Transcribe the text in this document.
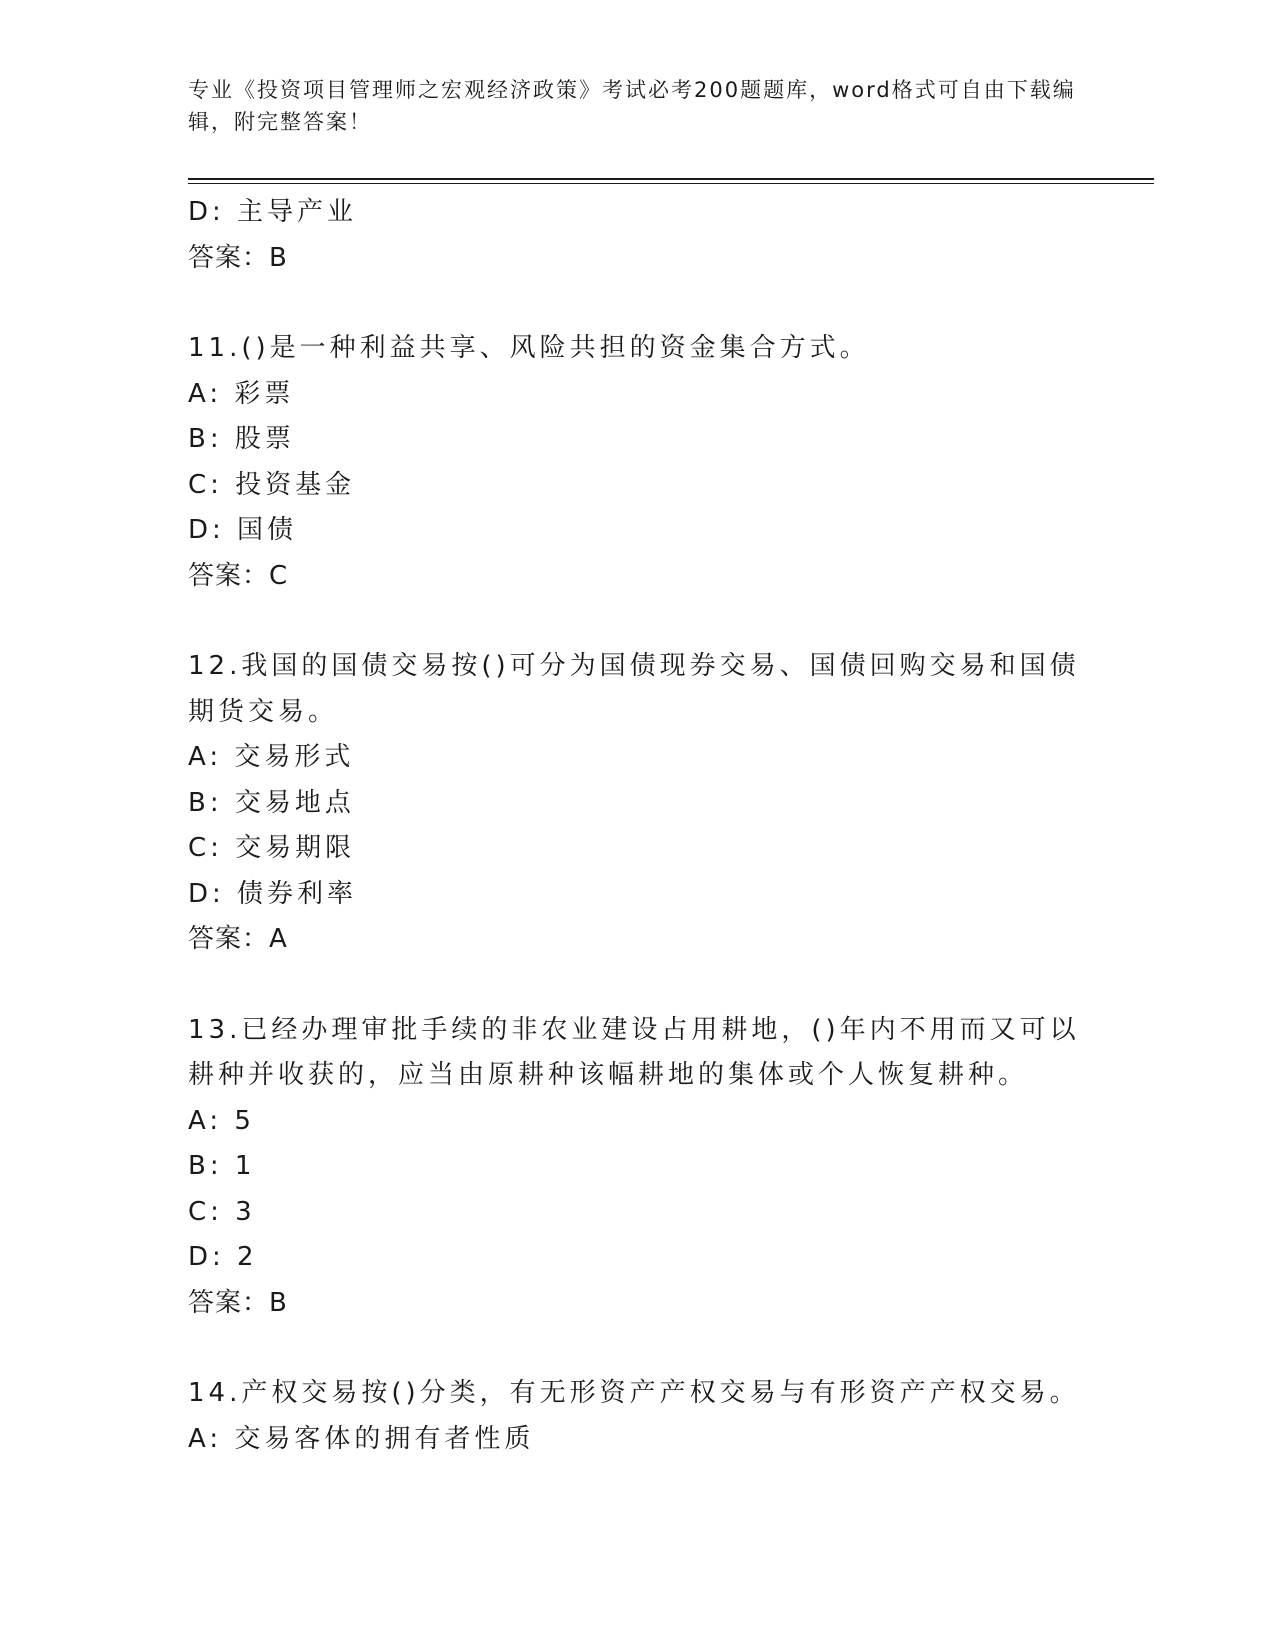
专业《投资项目管理师之宏观经济政策》考试必考200题题库，word格式可自由下载编辑，附完整答案！
D: 主导产业
答案：B
11.()是一种利益共享、风险共担的资金集合方式。
A: 彩票
B: 股票
C: 投资基金
D: 国债
答案：C
12.我国的国债交易按()可分为国债现券交易、国债回购交易和国债期货交易。
A: 交易形式
B: 交易地点
C: 交易期限
D: 债券利率
答案：A
13.已经办理审批手续的非农业建设占用耕地，()年内不用而又可以耕种并收获的，应当由原耕种该幅耕地的集体或个人恢复耕种。
A: 5
B: 1
C: 3
D: 2
答案：B
14.产权交易按()分类，有无形资产产权交易与有形资产产权交易。
A: 交易客体的拥有者性质
